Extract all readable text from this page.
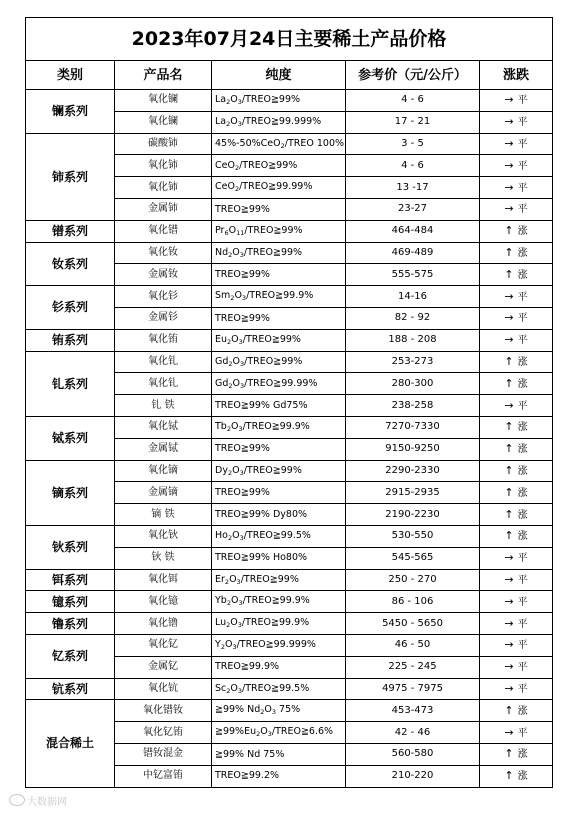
2023年07月24日主要稀土产品价格				
类别	产品名	纯度	参考价（元/公斤）	涨跌
镧系列	氧化镧	$La_2O_3/TREO≧99\%$	4 - 6	→ 平
	氧化镧	$La_2O_3/TREO≧99.999\%$	17 - 21	→ 平
铈系列	碳酸铈	45%-50%CeO$_2$/TREO 100%	3 - 5	→ 平
	氧化铈	CeO$_2$/TREO≧99%	4 - 6	→ 平
	氧化铈	CeO$_2$/TREO≧99.99%	13 -17	→ 平
	金属铈	TREO≧99%	23-27	→ 平
镨系列	氧化镨	$Pr_6O_{11}/TREO≧99\%$	464-484	↑ 涨
钕系列	氧化钕	$Nd_2O_3/TREO≧99\%$	469-489	↑ 涨
	金属钕	TREO≧99%	555-575	↑ 涨
钐系列	氧化钐	$Sm_2O_3/TREO≧99.9\%$	14-16	→ 平
	金属钐	TREO≧99%	82 - 92	→ 平
铕系列	氧化铕	$Eu_2O_3/TREO≧99\%$	188 - 208	→ 平
钆系列	氧化钆	$Gd_2O_3/TREO≧99\%$	253-273	↑ 涨
	氧化钆	$Gd_2O_3/TREO≧99.99\%$	280-300	↑ 涨
	钆 铁	TREO≧99% Gd75%	238-258	→ 平
铽系列	氧化铽	$Tb_2O_3/TREO≧99.9\%$	7270-7330	↑ 涨
	金属铽	TREO≧99%	9150-9250	↑ 涨
镝系列	氧化镝	$Dy_2O_3/TREO≧99\%$	2290-2330	↑ 涨
	金属镝	TREO≧99%	2915-2935	↑ 涨
	镝 铁	TREO≧99% Dy80%	2190-2230	↑ 涨
钬系列	氧化钬	$Ho_2O_3/TREO≧99.5\%$	530-550	↑ 涨
	钬 铁	TREO≧99% Ho80%	545-565	→ 平
铒系列	氧化铒	$Er_2O_3/TREO≧99\%$	250 - 270	→ 平
镱系列	氧化镱	$Yb_2O_3/TREO≧99.9\%$	86 - 106	→ 平
镥系列	氧化镥	$Lu_2O_3/TREO≧99.9\%$	5450 - 5650	→ 平
钇系列	氧化钇	$Y_2O_3/TREO≧99.999\%$	46 - 50	→ 平
	金属钇	TREO≧99.9%	225 - 245	→ 平
钪系列	氧化钪	$Sc_2O_3/TREO≧99.5\%$	4975 - 7975	→ 平
混合稀土	氧化镨钕	≧99% $Nd_2O_3$ 75%	453-473	↑ 涨
	氧化钇铕	$≧99\%Eu_2O_3/TREO≧6.6\%$	42 - 46	→ 平
	镨钕混金	≧99% Nd 75%	560-580	↑ 涨
	中钇富铕	TREO≧99.2%	210-220	↑ 涨
大数据网
